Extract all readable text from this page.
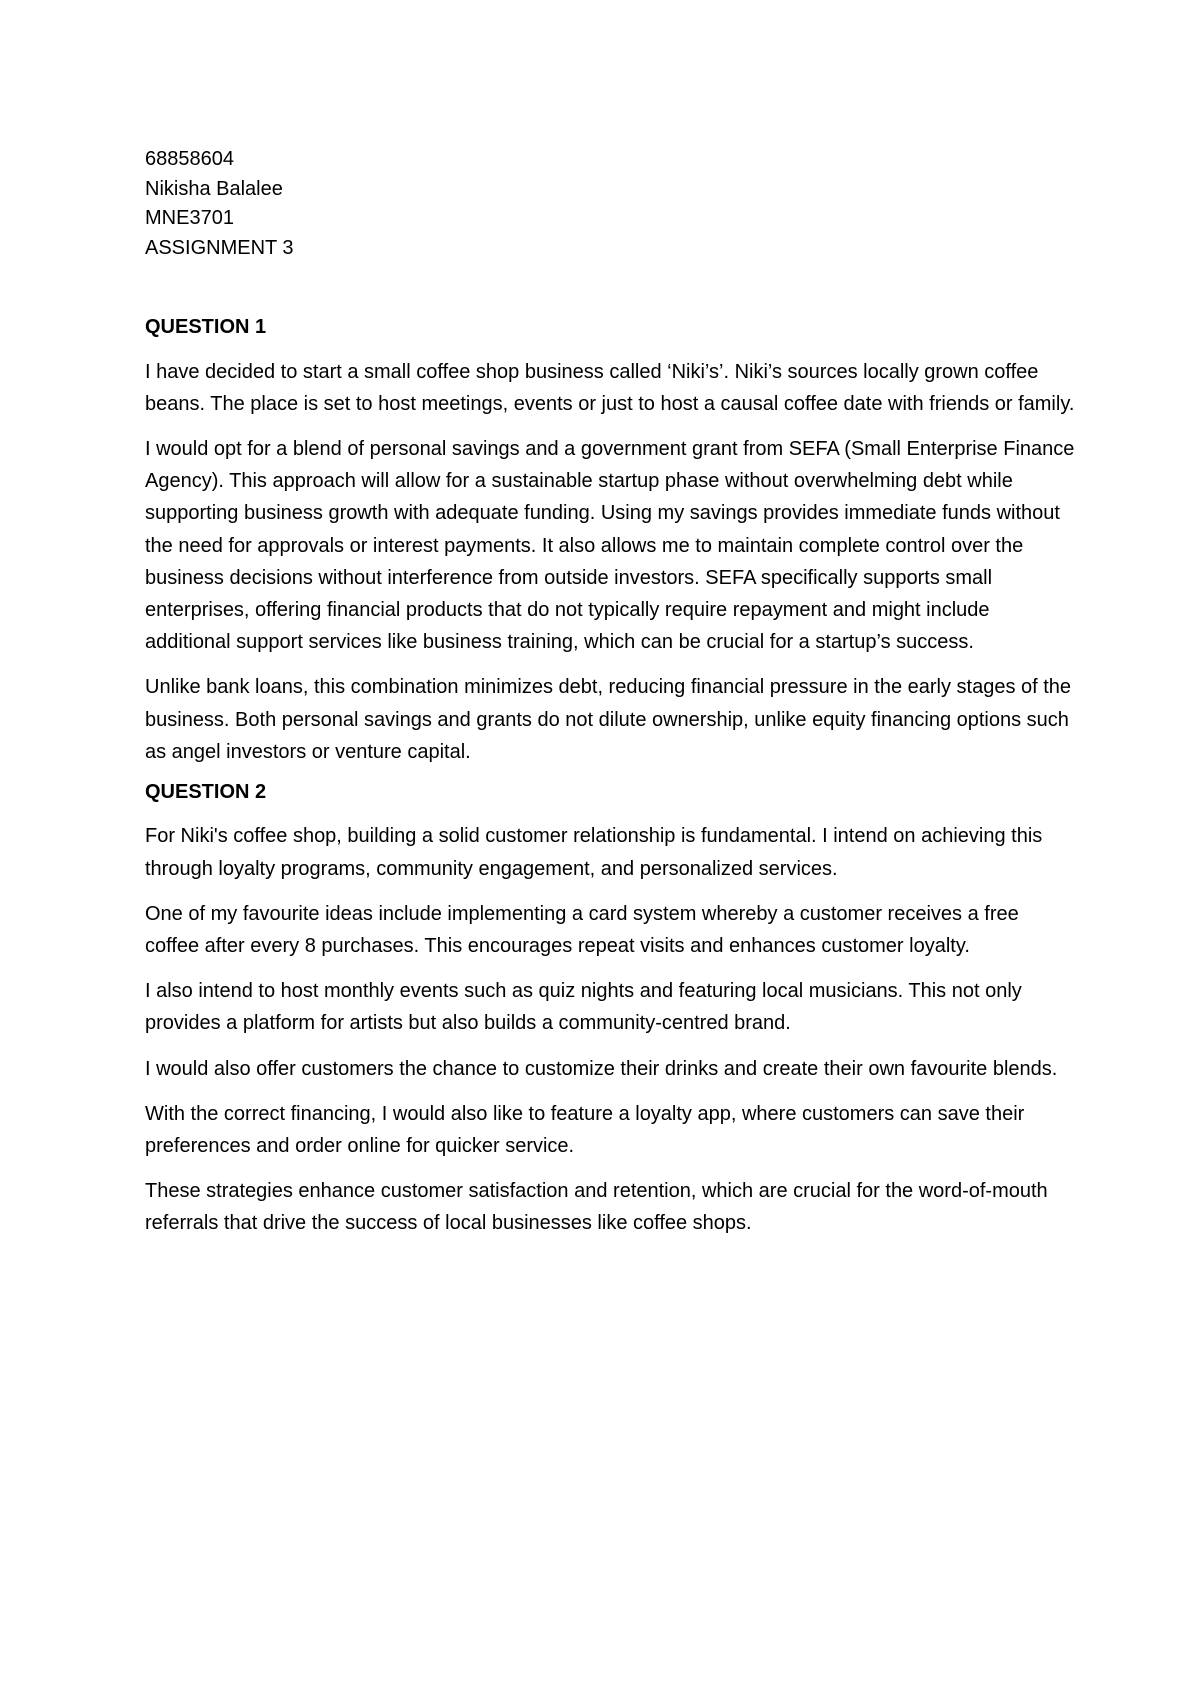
68858604

Nikisha Balalee

MNE3701

ASSIGNMENT 3

QUESTION 1

I have decided to start a small coffee shop business called ‘Niki’s’. Niki’s sources locally grown coffee beans. The place is set to host meetings, events or just to host a causal coffee date with friends or family.

I would opt for a blend of personal savings and a government grant from SEFA (Small Enterprise Finance Agency). This approach will allow for a sustainable startup phase without overwhelming debt while supporting business growth with adequate funding. Using my savings provides immediate funds without the need for approvals or interest payments. It also allows me to maintain complete control over the business decisions without interference from outside investors. SEFA specifically supports small enterprises, offering financial products that do not typically require repayment and might include additional support services like business training, which can be crucial for a startup’s success.

Unlike bank loans, this combination minimizes debt, reducing financial pressure in the early stages of the business. Both personal savings and grants do not dilute ownership, unlike equity financing options such as angel investors or venture capital.

QUESTION 2

For Niki's coffee shop, building a solid customer relationship is fundamental. I intend on achieving this through loyalty programs, community engagement, and personalized services.

One of my favourite ideas include implementing a card system whereby a customer receives a free coffee after every 8 purchases. This encourages repeat visits and enhances customer loyalty.

I also intend to host monthly events such as quiz nights and featuring local musicians. This not only provides a platform for artists but also builds a community-centred brand.

I would also offer customers the chance to customize their drinks and create their own favourite blends.

With the correct financing, I would also like to feature a loyalty app, where customers can save their preferences and order online for quicker service.

These strategies enhance customer satisfaction and retention, which are crucial for the word-of-mouth referrals that drive the success of local businesses like coffee shops.
